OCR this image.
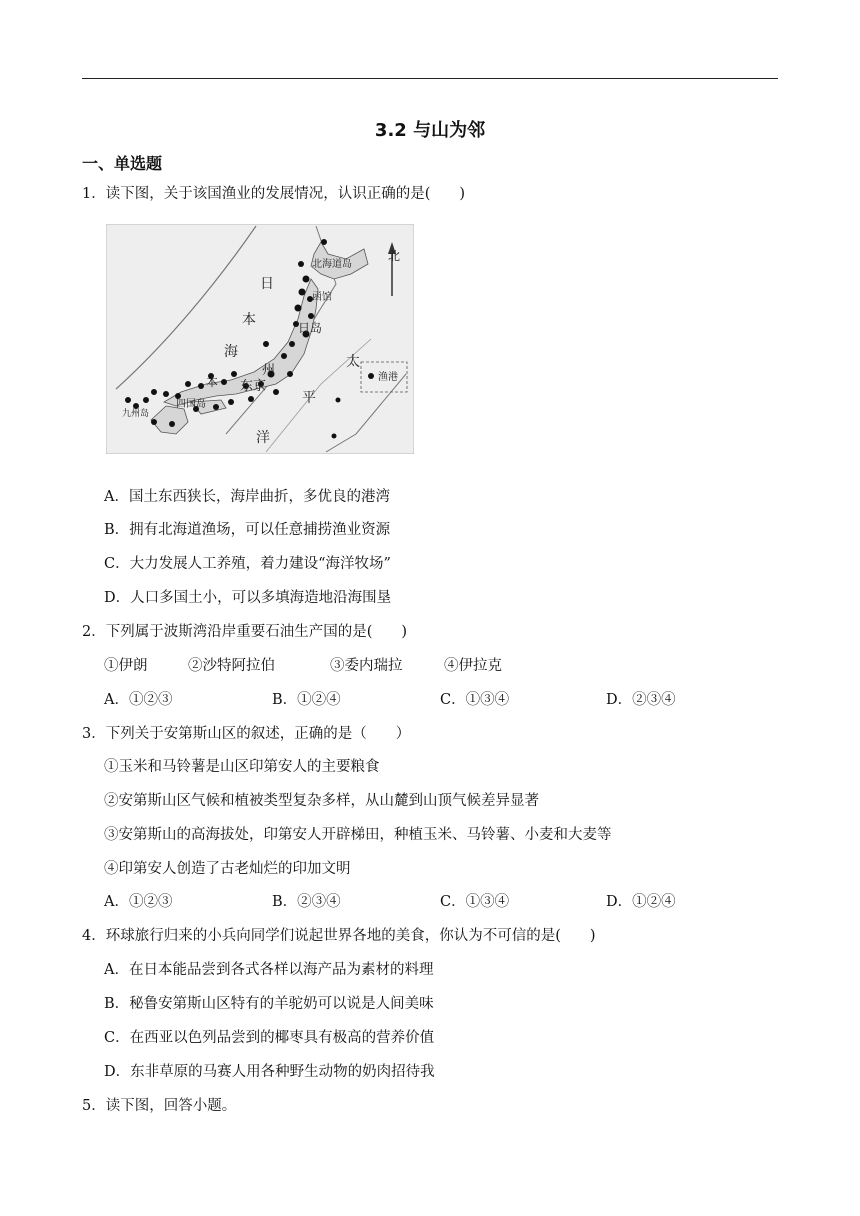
3.2 与山为邻
一、单选题
1．读下图，关于该国渔业的发展情况，认识正确的是(　　)
北
北海道岛
函馆
日岛
日
本
海
本
州
东京
四国岛
九州岛
太
平
洋
渔港
A．国土东西狭长，海岸曲折，多优良的港湾
B．拥有北海道渔场，可以任意捕捞渔业资源
C．大力发展人工养殖，着力建设“海洋牧场”
D．人口多国土小，可以多填海造地沿海围垦
2．下列属于波斯湾沿岸重要石油生产国的是(　　)
①伊朗	②沙特阿拉伯	③委内瑞拉	④伊拉克
A．①②③	B．①②④	C．①③④	D．②③④
3．下列关于安第斯山区的叙述，正确的是（　　）
①玉米和马铃薯是山区印第安人的主要粮食
②安第斯山区气候和植被类型复杂多样，从山麓到山顶气候差异显著
③安第斯山的高海拔处，印第安人开辟梯田，种植玉米、马铃薯、小麦和大麦等
④印第安人创造了古老灿烂的印加文明
A．①②③	B．②③④	C．①③④	D．①②④
4．环球旅行归来的小兵向同学们说起世界各地的美食，你认为不可信的是(　　)
A．在日本能品尝到各式各样以海产品为素材的料理
B．秘鲁安第斯山区特有的羊驼奶可以说是人间美味
C．在西亚以色列品尝到的椰枣具有极高的营养价值
D．东非草原的马赛人用各种野生动物的奶肉招待我
5．读下图，回答小题。
